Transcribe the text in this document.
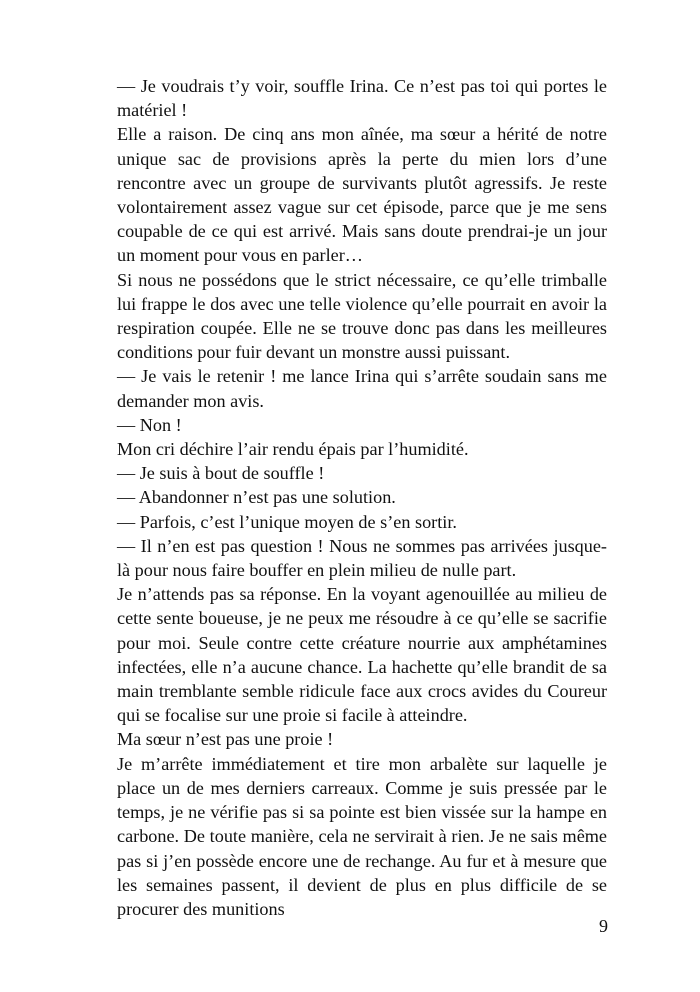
— Je voudrais t’y voir, souffle Irina. Ce n’est pas toi qui portes le matériel !

Elle a raison. De cinq ans mon aînée, ma sœur a hérité de notre unique sac de provisions après la perte du mien lors d’une rencontre avec un groupe de survivants plutôt agressifs. Je reste volontairement assez vague sur cet épisode, parce que je me sens coupable de ce qui est arrivé. Mais sans doute prendrai-je un jour un moment pour vous en parler…

Si nous ne possédons que le strict nécessaire, ce qu’elle trimballe lui frappe le dos avec une telle violence qu’elle pourrait en avoir la respiration coupée. Elle ne se trouve donc pas dans les meilleures conditions pour fuir devant un monstre aussi puissant.

— Je vais le retenir ! me lance Irina qui s’arrête soudain sans me demander mon avis.

— Non !

Mon cri déchire l’air rendu épais par l’humidité.

— Je suis à bout de souffle !

— Abandonner n’est pas une solution.

— Parfois, c’est l’unique moyen de s’en sortir.

— Il n’en est pas question ! Nous ne sommes pas arrivées jusque-là pour nous faire bouffer en plein milieu de nulle part.

Je n’attends pas sa réponse. En la voyant agenouillée au milieu de cette sente boueuse, je ne peux me résoudre à ce qu’elle se sacrifie pour moi. Seule contre cette créature nourrie aux amphétamines infectées, elle n’a aucune chance. La hachette qu’elle brandit de sa main tremblante semble ridicule face aux crocs avides du Coureur qui se focalise sur une proie si facile à atteindre.

Ma sœur n’est pas une proie !

Je m’arrête immédiatement et tire mon arbalète sur laquelle je place un de mes derniers carreaux. Comme je suis pressée par le temps, je ne vérifie pas si sa pointe est bien vissée sur la hampe en carbone. De toute manière, cela ne servirait à rien. Je ne sais même pas si j’en possède encore une de rechange. Au fur et à mesure que les semaines passent, il devient de plus en plus difficile de se procurer des munitions

9
